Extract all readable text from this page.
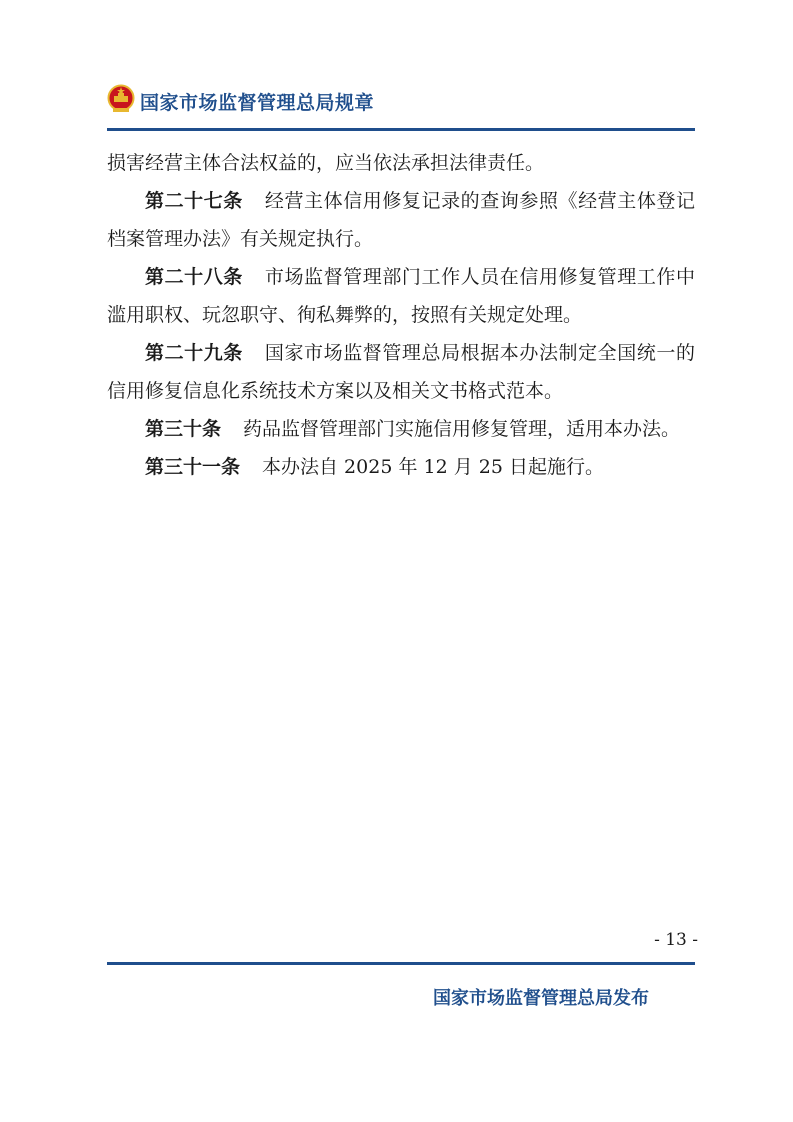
国家市场监督管理总局规章

损害经营主体合法权益的，应当依法承担法律责任。

第二十七条 经营主体信用修复记录的查询参照《经营主体登记档案管理办法》有关规定执行。

第二十八条 市场监督管理部门工作人员在信用修复管理工作中滥用职权、玩忽职守、徇私舞弊的，按照有关规定处理。

第二十九条 国家市场监督管理总局根据本办法制定全国统一的信用修复信息化系统技术方案以及相关文书格式范本。

第三十条 药品监督管理部门实施信用修复管理，适用本办法。

第三十一条 本办法自 2025 年 12 月 25 日起施行。

- 13 -
国家市场监督管理总局发布
